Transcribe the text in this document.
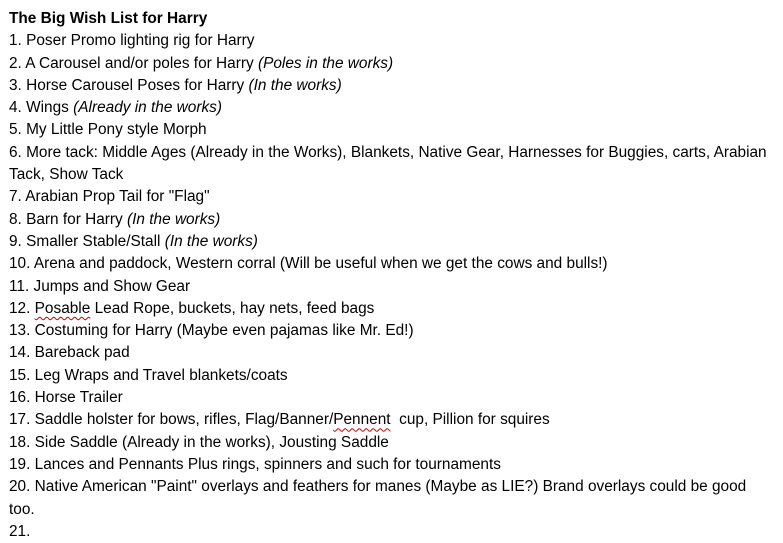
The Big Wish List for Harry
1. Poser Promo lighting rig for Harry
2. A Carousel and/or poles for Harry (Poles in the works)
3. Horse Carousel Poses for Harry (In the works)
4. Wings (Already in the works)
5. My Little Pony style Morph
6. More tack: Middle Ages (Already in the Works), Blankets, Native Gear, Harnesses for Buggies, carts, Arabian Tack, Show Tack
7. Arabian Prop Tail for "Flag"
8. Barn for Harry (In the works)
9. Smaller Stable/Stall (In the works)
10. Arena and paddock, Western corral (Will be useful when we get the cows and bulls!)
11. Jumps and Show Gear
12. Posable Lead Rope, buckets, hay nets, feed bags
13. Costuming for Harry (Maybe even pajamas like Mr. Ed!)
14. Bareback pad
15. Leg Wraps and Travel blankets/coats
16. Horse Trailer
17. Saddle holster for bows, rifles, Flag/Banner/Pennent  cup, Pillion for squires
18. Side Saddle (Already in the works), Jousting Saddle
19. Lances and Pennants Plus rings, spinners and such for tournaments
20. Native American "Paint" overlays and feathers for manes (Maybe as LIE?) Brand overlays could be good too.
21.
